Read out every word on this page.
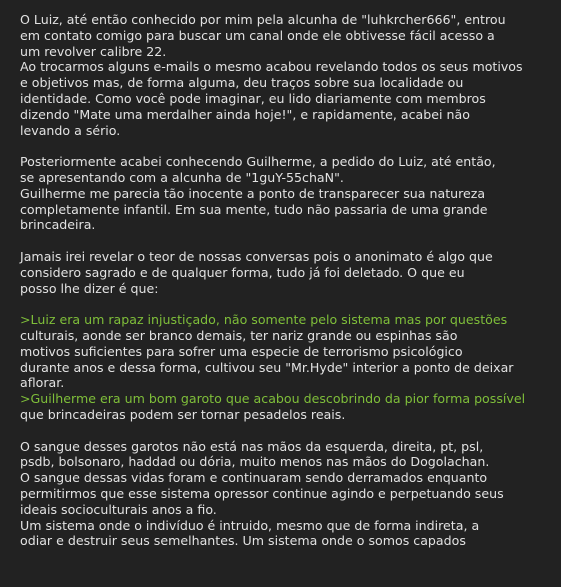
O Luiz, até então conhecido por mim pela alcunha de "luhkrcher666", entrou
em contato comigo para buscar um canal onde ele obtivesse fácil acesso a
um revolver calibre 22.
Ao trocarmos alguns e-mails o mesmo acabou revelando todos os seus motivos
e objetivos mas, de forma alguma, deu traços sobre sua localidade ou
identidade. Como você pode imaginar, eu lido diariamente com membros
dizendo "Mate uma merdalher ainda hoje!", e rapidamente, acabei não
levando a sério.
Posteriormente acabei conhecendo Guilherme, a pedido do Luiz, até então,
se apresentando com a alcunha de "1guY-55chaN".
Guilherme me parecia tão inocente a ponto de transparecer sua natureza
completamente infantil. Em sua mente, tudo não passaria de uma grande
brincadeira.
Jamais irei revelar o teor de nossas conversas pois o anonimato é algo que
considero sagrado e de qualquer forma, tudo já foi deletado. O que eu
posso lhe dizer é que:
>Luiz era um rapaz injustiçado, não somente pelo sistema mas por questões
culturais, aonde ser branco demais, ter nariz grande ou espinhas são
motivos suficientes para sofrer uma especie de terrorismo psicológico
durante anos e dessa forma, cultivou seu "Mr.Hyde" interior a ponto de deixar
aflorar.
>Guilherme era um bom garoto que acabou descobrindo da pior forma possível
que brincadeiras podem ser tornar pesadelos reais.
O sangue desses garotos não está nas mãos da esquerda, direita, pt, psl,
psdb, bolsonaro, haddad ou dória, muito menos nas mãos do Dogolachan.
O sangue dessas vidas foram e continuaram sendo derramados enquanto
permitirmos que esse sistema opressor continue agindo e perpetuando seus
ideais socioculturais anos a fio.
Um sistema onde o indivíduo é intruido, mesmo que de forma indireta, a
odiar e destruir seus semelhantes. Um sistema onde o somos capados
